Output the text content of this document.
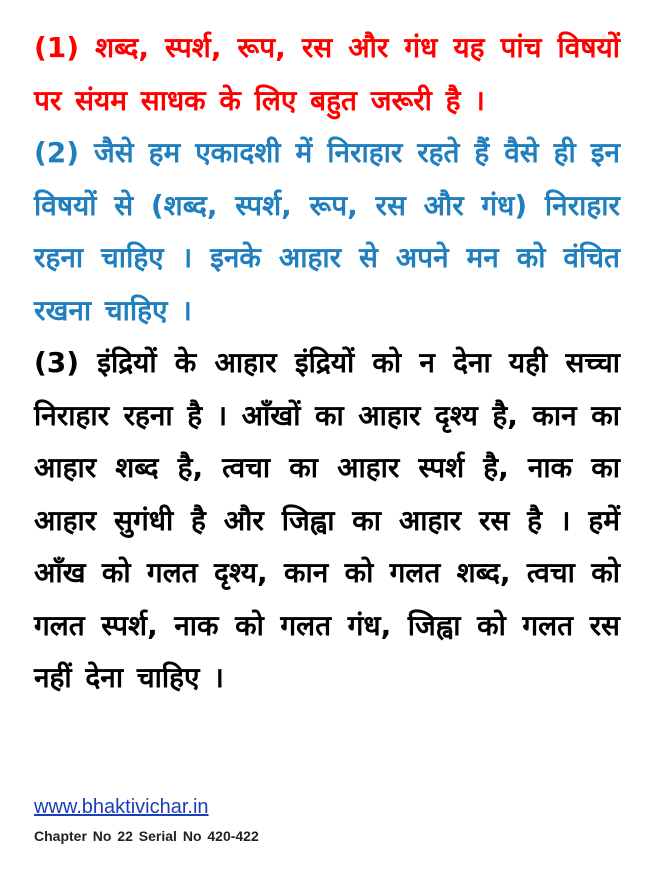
(1) शब्द, स्पर्श, रूप, रस और गंध यह पांच विषयों पर संयम साधक के लिए बहुत जरूरी है ।

(2) जैसे हम एकादशी में निराहार रहते हैं वैसे ही इन विषयों से (शब्द, स्पर्श, रूप, रस और गंध) निराहार रहना चाहिए । इनके आहार से अपने मन को वंचित रखना चाहिए ।

(3) इंद्रियों के आहार इंद्रियों को न देना यही सच्चा निराहार रहना है । आँखों का आहार दृश्य है, कान का आहार शब्द है, त्वचा का आहार स्पर्श है, नाक का आहार सुगंधी है और जिह्वा का आहार रस है । हमें आँख को गलत दृश्य, कान को गलत शब्द, त्वचा को गलत स्पर्श, नाक को गलत गंध, जिह्वा को गलत रस नहीं देना चाहिए ।

www.bhaktivichar.in
Chapter No 22 Serial No 420-422
